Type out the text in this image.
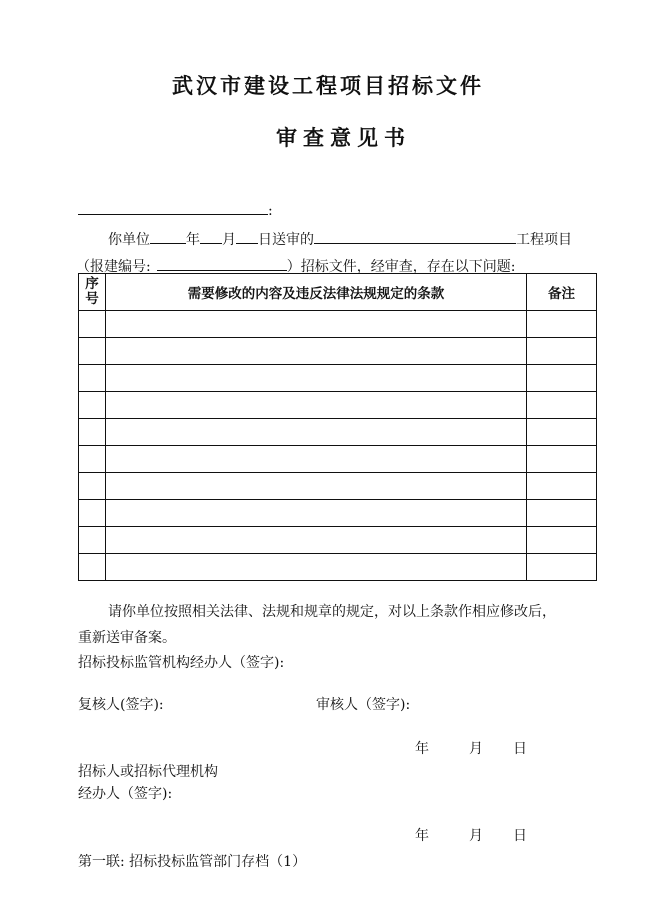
武汉市建设工程项目招标文件
审查意见书
:
你单位	年 月 日送审的	工程项目
（报建编号:	）招标文件，经审查，存在以下问题:
序
号	需要修改的内容及违反法律法规规定的条款	备注

请你单位按照相关法律、法规和规章的规定，对以上条款作相应修改后，
重新送审备案。
招标投标监管机构经办人（签字):
复核人(签字):	审核人（签字):
年	月 日
招标人或招标代理机构
经办人（签字):
年	月 日
第一联: 招标投标监管部门存档（1）
